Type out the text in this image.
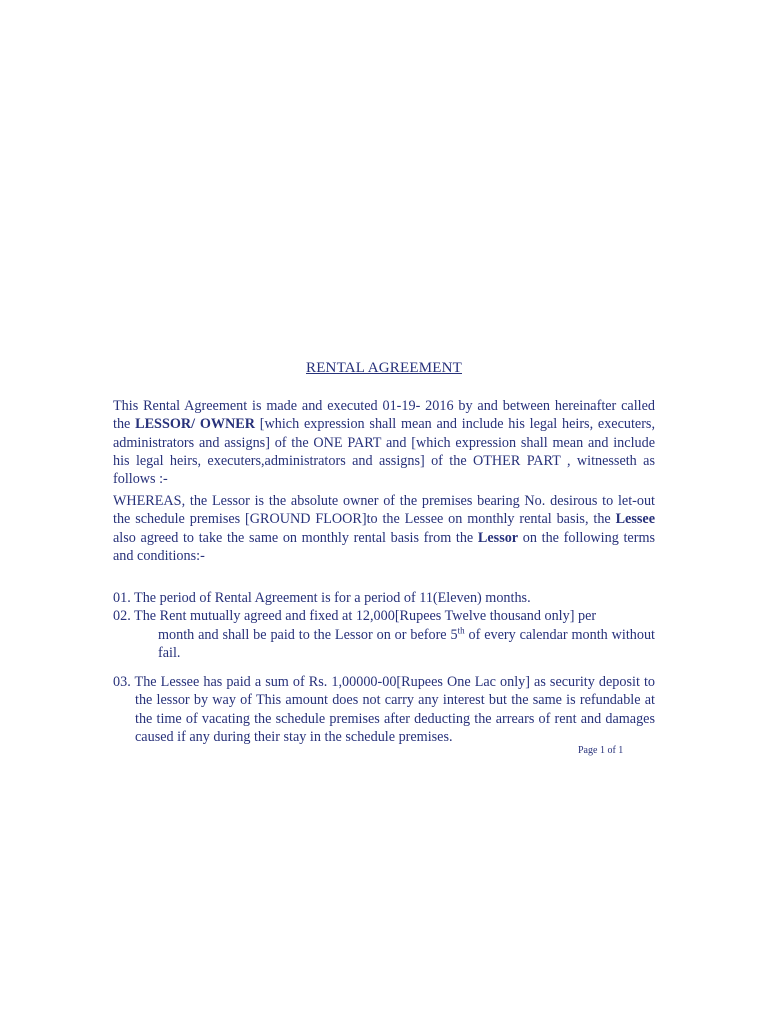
RENTAL AGREEMENT
This Rental Agreement is made and executed 01-19- 2016 by and between hereinafter called the LESSOR/ OWNER [which expression shall mean and include his legal heirs, executers, administrators and assigns] of the ONE PART and [which expression shall mean and include his legal heirs, executers,administrators and assigns] of the OTHER PART , witnesseth as follows :-
WHEREAS, the Lessor is the absolute owner of the premises bearing No. desirous to let-out the schedule premises [GROUND FLOOR]to the Lessee on monthly rental basis, the Lessee also agreed to take the same on monthly rental basis from the Lessor on the following terms and conditions:-

01. The period of Rental Agreement is for a period of 11(Eleven) months.

02. The Rent mutually agreed and fixed at 12,000[Rupees Twelve thousand only] per

month and shall be paid to the Lessor on or before 5th of every calendar month without fail.

03. The Lessee has paid a sum of Rs. 1,00000-00[Rupees One Lac only] as security deposit to the lessor by way of This amount does not carry any interest but the same is refundable at the time of vacating the schedule premises after deducting the arrears of rent and damages caused if any during their stay in the schedule premises.

Page 1 of 1
